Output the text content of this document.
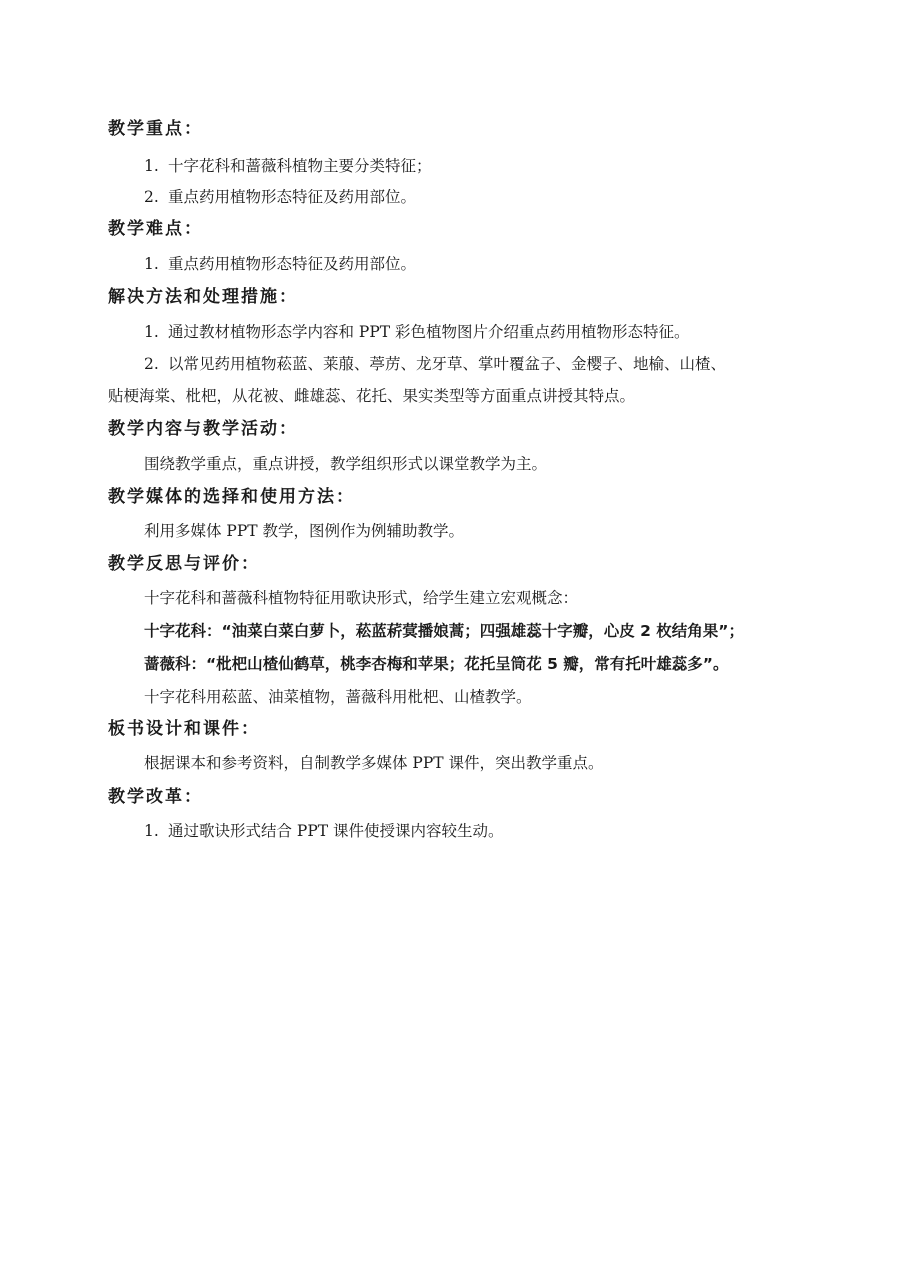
教学重点：
1. 十字花科和蔷薇科植物主要分类特征；
2. 重点药用植物形态特征及药用部位。
教学难点：
1. 重点药用植物形态特征及药用部位。
解决方法和处理措施：
1. 通过教材植物形态学内容和 PPT 彩色植物图片介绍重点药用植物形态特征。
2. 以常见药用植物菘蓝、莱菔、葶苈、龙牙草、掌叶覆盆子、金樱子、地榆、山楂、
贴梗海棠、枇杷，从花被、雌雄蕊、花托、果实类型等方面重点讲授其特点。
教学内容与教学活动：
围绕教学重点，重点讲授，教学组织形式以课堂教学为主。
教学媒体的选择和使用方法：
利用多媒体 PPT 教学，图例作为例辅助教学。
教学反思与评价：
十字花科和蔷薇科植物特征用歌诀形式，给学生建立宏观概念：
十字花科：“油菜白菜白萝卜，菘蓝菥蓂播娘蒿；四强雄蕊十字瓣，心皮 2 枚结角果”；
蔷薇科：“枇杷山楂仙鹤草，桃李杏梅和苹果；花托呈筒花 5 瓣，常有托叶雄蕊多”。
十字花科用菘蓝、油菜植物，蔷薇科用枇杷、山楂教学。
板书设计和课件：
根据课本和参考资料，自制教学多媒体 PPT 课件，突出教学重点。
教学改革：
1. 通过歌诀形式结合 PPT 课件使授课内容较生动。
